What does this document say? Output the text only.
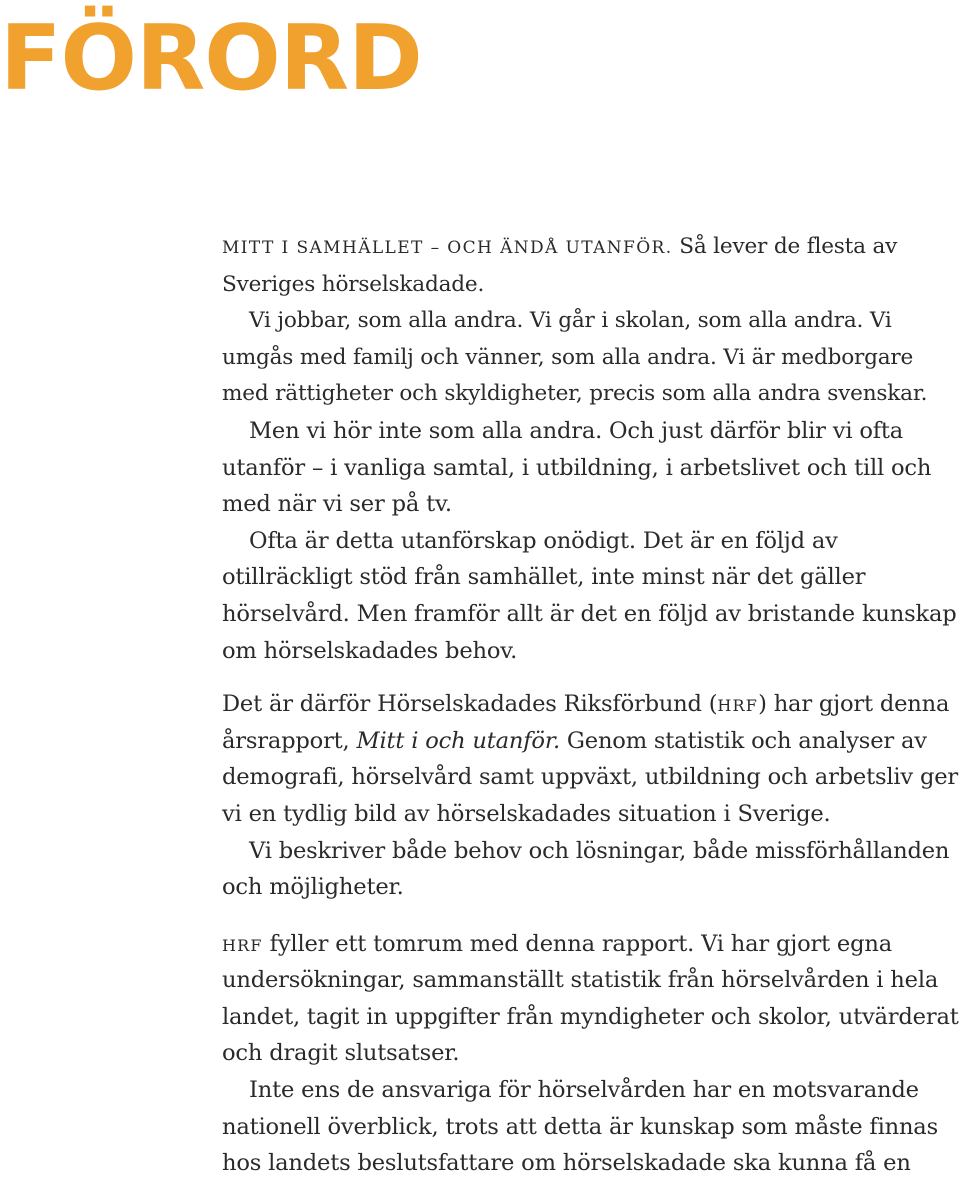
FÖRORD

MITT I SAMHÄLLET – OCH ÄNDÅ UTANFÖR. Så lever de flesta av Sveriges hörselskadade.

Vi jobbar, som alla andra. Vi går i skolan, som alla andra. Vi umgås med familj och vänner, som alla andra. Vi är medborgare med rättigheter och skyldigheter, precis som alla andra svenskar.

Men vi hör inte som alla andra. Och just därför blir vi ofta utanför – i vanliga samtal, i utbildning, i arbetslivet och till och med när vi ser på tv.

Ofta är detta utanförskap onödigt. Det är en följd av otillräckligt stöd från samhället, inte minst när det gäller hörselvård. Men framför allt är det en följd av bristande kunskap om hörselskadades behov.

Det är därför Hörselskadades Riksförbund (hrf) har gjort denna årsrapport, Mitt i och utanför. Genom statistik och analyser av demografi, hörselvård samt uppväxt, utbildning och arbetsliv ger vi en tydlig bild av hörselskadades situation i Sverige.

Vi beskriver både behov och lösningar, både missförhållanden och möjligheter.

hrf fyller ett tomrum med denna rapport. Vi har gjort egna undersökningar, sammanställt statistik från hörselvården i hela landet, tagit in uppgifter från myndigheter och skolor, utvärderat och dragit slutsatser.

Inte ens de ansvariga för hörselvården har en motsvarande nationell överblick, trots att detta är kunskap som måste finnas hos landets beslutsfattare om hörselskadade ska kunna få en
